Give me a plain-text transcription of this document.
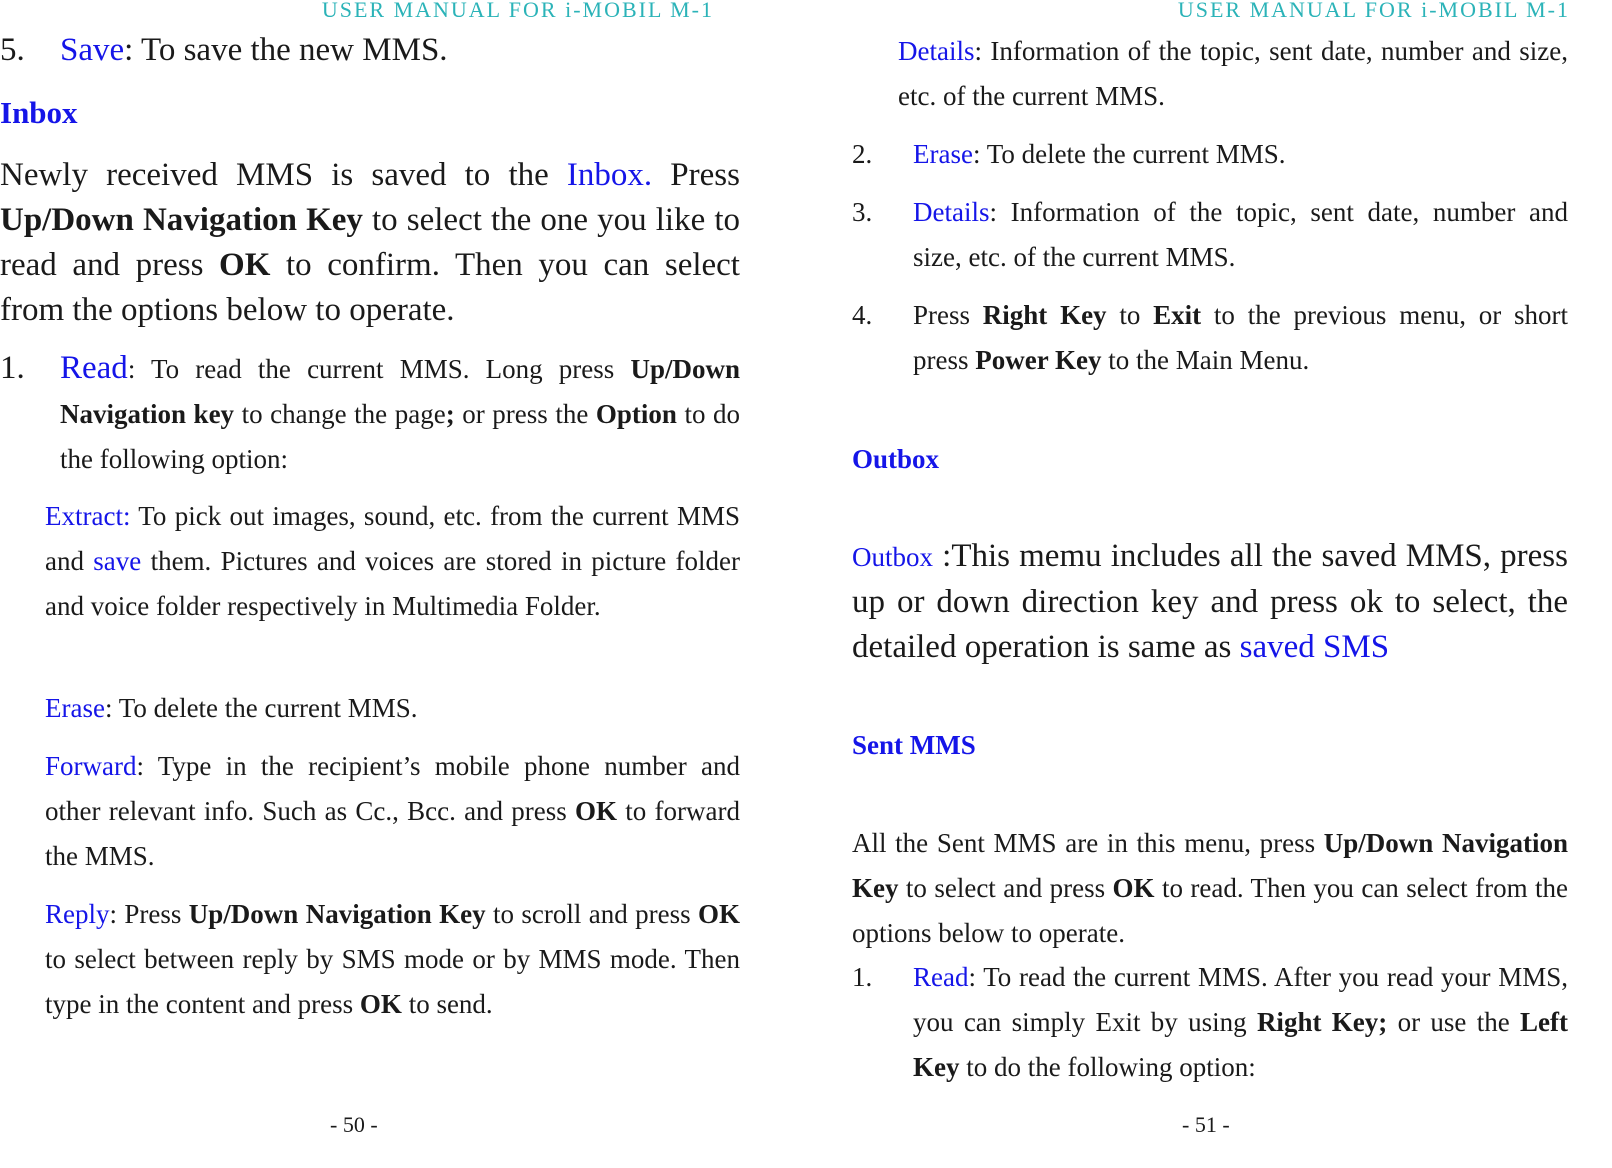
USER MANUAL FOR i-MOBIL M-1
5. Save: To save the new MMS.
Inbox

Newly received MMS is saved to the Inbox. Press Up/Down Navigation Key to select the one you like to read and press OK to confirm. Then you can select from the options below to operate.

1. Read: To read the current MMS. Long press Up/Down Navigation key to change the page; or press the Option to do the following option:

Extract: To pick out images, sound, etc. from the current MMS and save them. Pictures and voices are stored in picture folder and voice folder respectively in Multimedia Folder.

Erase: To delete the current MMS.

Forward: Type in the recipient’s mobile phone number and other relevant info. Such as Cc., Bcc. and press OK to forward the MMS.

Reply: Press Up/Down Navigation Key to scroll and press OK to select between reply by SMS mode or by MMS mode. Then type in the content and press OK to send.

- 50 -
USER MANUAL FOR i-MOBIL M-1

Details: Information of the topic, sent date, number and size, etc. of the current MMS.

2. Erase: To delete the current MMS.

3. Details: Information of the topic, sent date, number and size, etc. of the current MMS.

4. Press Right Key to Exit to the previous menu, or short press Power Key to the Main Menu.

Outbox

Outbox :This memu includes all the saved MMS, press up or down direction key and press ok to select, the detailed operation is same as saved SMS

Sent MMS

All the Sent MMS are in this menu, press Up/Down Navigation Key to select and press OK to read. Then you can select from the options below to operate.

1. Read: To read the current MMS. After you read your MMS, you can simply Exit by using Right Key; or use the Left Key to do the following option:

- 51 -
